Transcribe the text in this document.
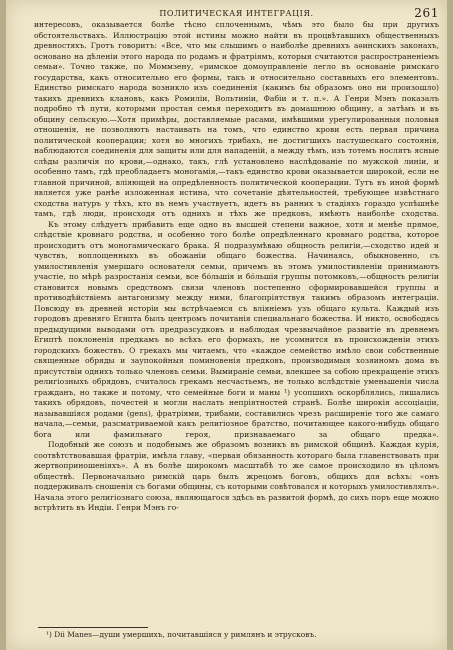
ПОЛИТИЧЕСКАЯ ИНТЕГРАЦІЯ.	261

интересовъ, оказывается болѣе тѣсно сплоченнымъ, чѣмъ это было бы при другихъ обстоятельствахъ. Иллюстрацію этой истины можно найти въ процвѣтавшихъ общественныхъ древностяхъ. Гротъ говоритъ: «Все, что мы слышимъ о наиболѣе древнихъ аѳинскихъ законахъ, основано на дѣленіи этого народа по родамъ и фратріямъ, которыя считаются распространеніемъ семьи». Точно также, по Моммзену, «римское домоуправленіе легло въ основаніе римскаго государства, какъ относительно его формы, такъ и относительно составныхъ его элементовъ. Единство римскаго народа возникло изъ соединенія (какимъ бы образомъ оно ни произошло) такихъ древнихъ клановъ, какъ Ромиліи, Вольтиніи, Фабіи и т. п.». А Генри Мэнъ показалъ подробно тѣ пути, которыми простая семья переходитъ въ домашнюю общину, а затѣмъ и въ общину сельскую.—Хотя примѣры, доставляемые расами, имѣвшими урегулированныя половыя отношенія, не позволяютъ настаивать на томъ, что единство крови есть первая причина политической кооперации; хотя во многихъ трибахъ, не достигшихъ пастушескаго состоянія, наблюдаются соединенія для защиты или для нападеній, а между тѣмъ, изъ тотемъ нослятъ ясные слѣды различія по крови,—однако, такъ, глѣ установлено наслѣдованіе по мужской линіи, и особенно тамъ, гдѣ преобладаетъ моногамія,—такъ единство крови оказывается широкой, если не главной причиной, вліяющей на опредѣленность политической кооперации. Тутъ въ иной формѣ является уже ранѣе изложенная истина, что сочетаніе дѣятельностей, требующее извѣстнаго сходства натуръ у тѣхъ, кто въ немъ участвуетъ, идетъ въ ранних ъ стадіяхъ гораздо успѣшнѣе тамъ, гдѣ люди, происходя отъ однихъ и тѣхъ же предковъ, имѣютъ наиболѣе сходства.

Къ этому слѣдуетъ прибавить еще одно въ высшей степени важное, хотя и менѣе прямое, слѣдствіе кровнаго родства, и особенно того болѣе опредѣленнаго кровнаго родства, которое происходитъ отъ моногамическаго брака. Я подразумѣваю общность религіи,—сходство идей и чувствъ, воплощенныхъ въ обожаніи общаго божества. Начинаясь, обыкновенно, съ умилостивленія умершаго основателя семьи, причемъ въ этомъ умилостивленіи принимаютъ участіе, по мѣрѣ разростанія семьи, все бóльшія и бóльшія группы потомковъ,—общность религіи становится новымъ средствомъ связи членовъ постепенно сформировавшейся группы и противодѣйствіемъ антагонизму между ними, благопріятствуя такимъ образомъ интеграціи. Повсюду въ древней исторіи мы встрѣчаемся съ вліяніемъ узъ общаго культа. Каждый изъ городовъ древняго Египта былъ центромъ почитанія специальнаго божества. И никто, освободясь предыдущими выводами отъ предразсудковъ и наблюдая чрезвычайное развитіе въ древнемъ Египтѣ поклоненія предкамъ во всѣхъ его формахъ, не усомнится въ происхожденіи этихъ городскихъ божествъ. О грекахъ мы читаемъ, что «каждое семейство имѣло свои собственные священные обряды и заупокойныя поминовенія предковъ, производимыя хозяиномъ дома въ присутствіи однихъ только членовъ семьи. Вымираніе семьи, влекшее за собою прекращеніе этихъ религіозныхъ обрядовъ, считалось грекамъ несчастьемъ, не только вслѣдствіе уменьшенія числа гражданъ, но также и потому, что семейные боги и маны ¹) усопшихъ оскорблялись, лишались такихъ обрядовъ, почестей и могли наслать непріятностей странѣ. Болѣе широкія ассоціаціи, называвшіяся родами (gens), фратріями, трибами, составились чрезъ расширеніе того же самаго начала,—семьи, разсматриваемой какъ религіозное братство, почитающее какого-нибудь общаго бога или фамильнаго героя, признаваемаго за общаго предка».

Подобный же союзъ и подобнымъ же образомъ возникъ въ римской общинѣ. Каждая курія, соотвѣтствовавшая фратріи, имѣла главу, «первая обязанность котораго была главенствовать при жертвоприношеніяхъ». А въ болѣе широкомъ масштабѣ то же самое происходило въ цѣломъ обществѣ. Первоначально римскій царь былъ жрецомъ боговъ, общихъ для всѣхъ: «онъ поддерживалъ сношенія съ богами общины, съ которыми совѣтовался и которыхъ умилостивлялъ». Начала этого религіознаго союза, являющагося здѣсь въ развитой формѣ, до сихъ поръ еще можно встрѣтить въ Индіи. Генри Мэнъ го-

¹) Dii Manes—души умершихъ, почитавшіяся у римлянъ и этрусковъ.
